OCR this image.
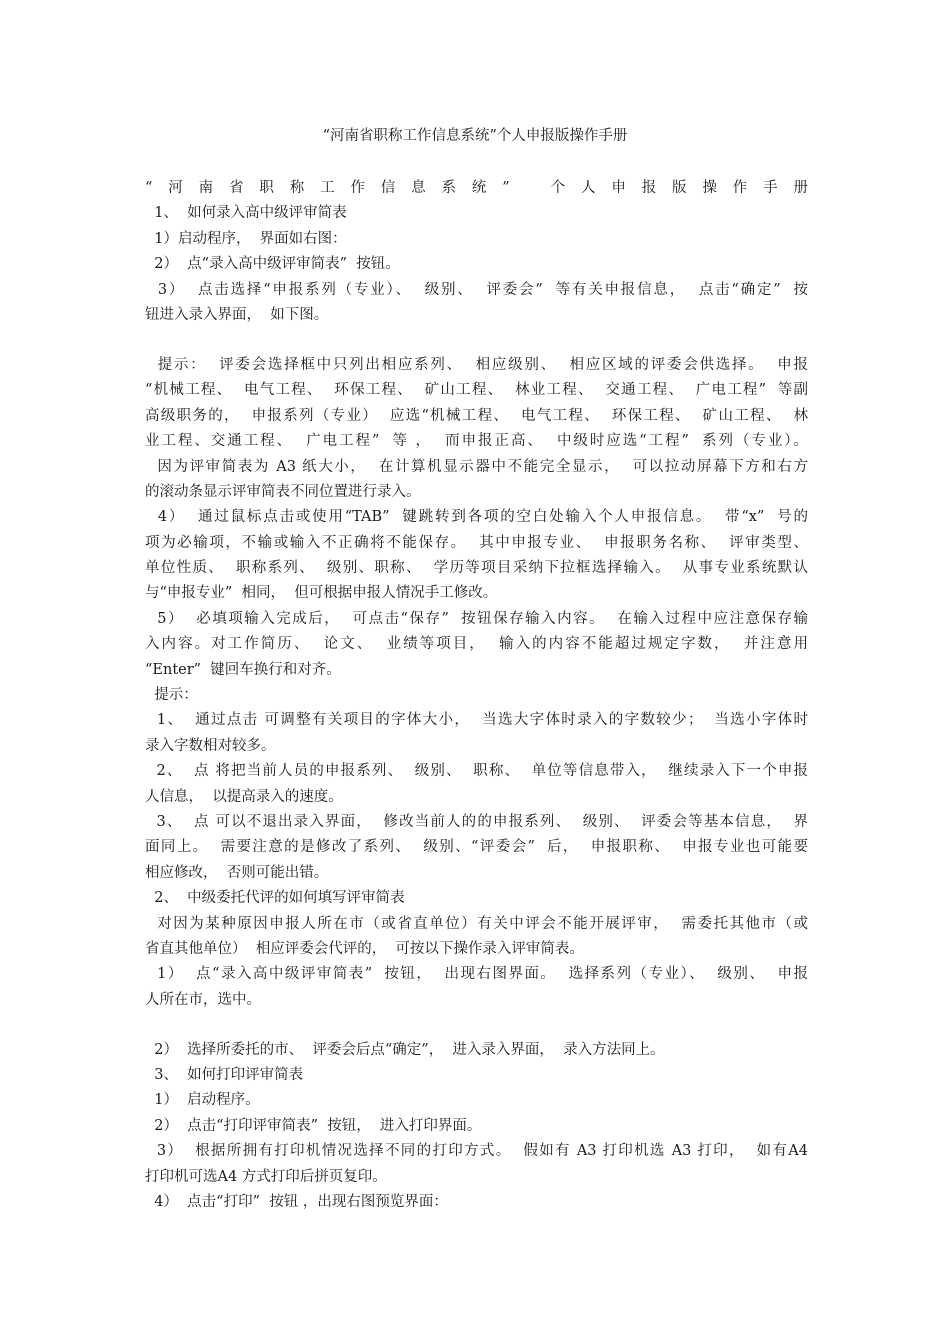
“河南省职称工作信息系统”个人申报版操作手册
“河南省职称工作信息系统”  个人申报版操作手册
1、  如何录入高中级评审简表
1）启动程序，  界面如右图：
2）  点“录入高中级评审简表”  按钮。
3）  点击选择“申报系列（专业）、  级别、  评委会”  等有关申报信息，  点击“确定”  按
钮进入录入界面，  如下图。
提示：  评委会选择框中只列出相应系列、  相应级别、  相应区域的评委会供选择。  申报
“机械工程、  电气工程、  环保工程、  矿山工程、  林业工程、  交通工程、  广电工程”  等副
高级职务的，  申报系列（专业）  应选“机械工程、  电气工程、  环保工程、  矿山工程、  林
业工程、交通工程、  广电工程”  等 ，  而申报正高、  中级时应选“工程”  系列（专业）。
因为评审简表为 A3 纸大小，  在计算机显示器中不能完全显示，  可以拉动屏幕下方和右方
的滚动条显示评审简表不同位置进行录入。
4）  通过鼠标点击或使用“TAB”  键跳转到各项的空白处输入个人申报信息。  带“x”  号的
项为必输项，不输或输入不正确将不能保存。  其中申报专业、  申报职务名称、  评审类型、
单位性质、  职称系列、  级别、职称、  学历等项目采纳下拉框选择输入。  从事专业系统默认
与“申报专业”  相同，  但可根据申报人情况手工修改。
5）  必填项输入完成后，  可点击“保存”  按钮保存输入内容。  在输入过程中应注意保存输
入内容。对工作简历、  论文、  业绩等项目，  输入的内容不能超过规定字数，  并注意用
“Enter”  键回车换行和对齐。
提示：
1、  通过点击 可调整有关项目的字体大小，  当选大字体时录入的字数较少；  当选小字体时
录入字数相对较多。
2、  点 将把当前人员的申报系列、  级别、  职称、  单位等信息带入，  继续录入下一个申报
人信息，  以提高录入的速度。
3、  点 可以不退出录入界面，  修改当前人的的申报系列、  级别、  评委会等基本信息，  界
面同上。  需要注意的是修改了系列、  级别、“评委会”  后，  申报职称、  申报专业也可能要
相应修改，  否则可能出错。
2、  中级委托代评的如何填写评审简表
对因为某种原因申报人所在市（或省直单位）有关中评会不能开展评审，  需委托其他市（或
省直其他单位）  相应评委会代评的，  可按以下操作录入评审简表。
1）  点“录入高中级评审简表”  按钮，  出现右图界面。  选择系列（专业）、  级别、  申报
人所在市，选中。
2）  选择所委托的市、  评委会后点“确定”，  进入录入界面，  录入方法同上。
3、  如何打印评审简表
1）  启动程序。
2）  点击“打印评审简表”  按钮，  进入打印界面。
3）  根据所拥有打印机情况选择不同的打印方式。  假如有 A3 打印机选 A3 打印，  如有A4
打印机可选A4 方式打印后拼页复印。
4）  点击“打印”  按钮 ，出现右图预览界面：
